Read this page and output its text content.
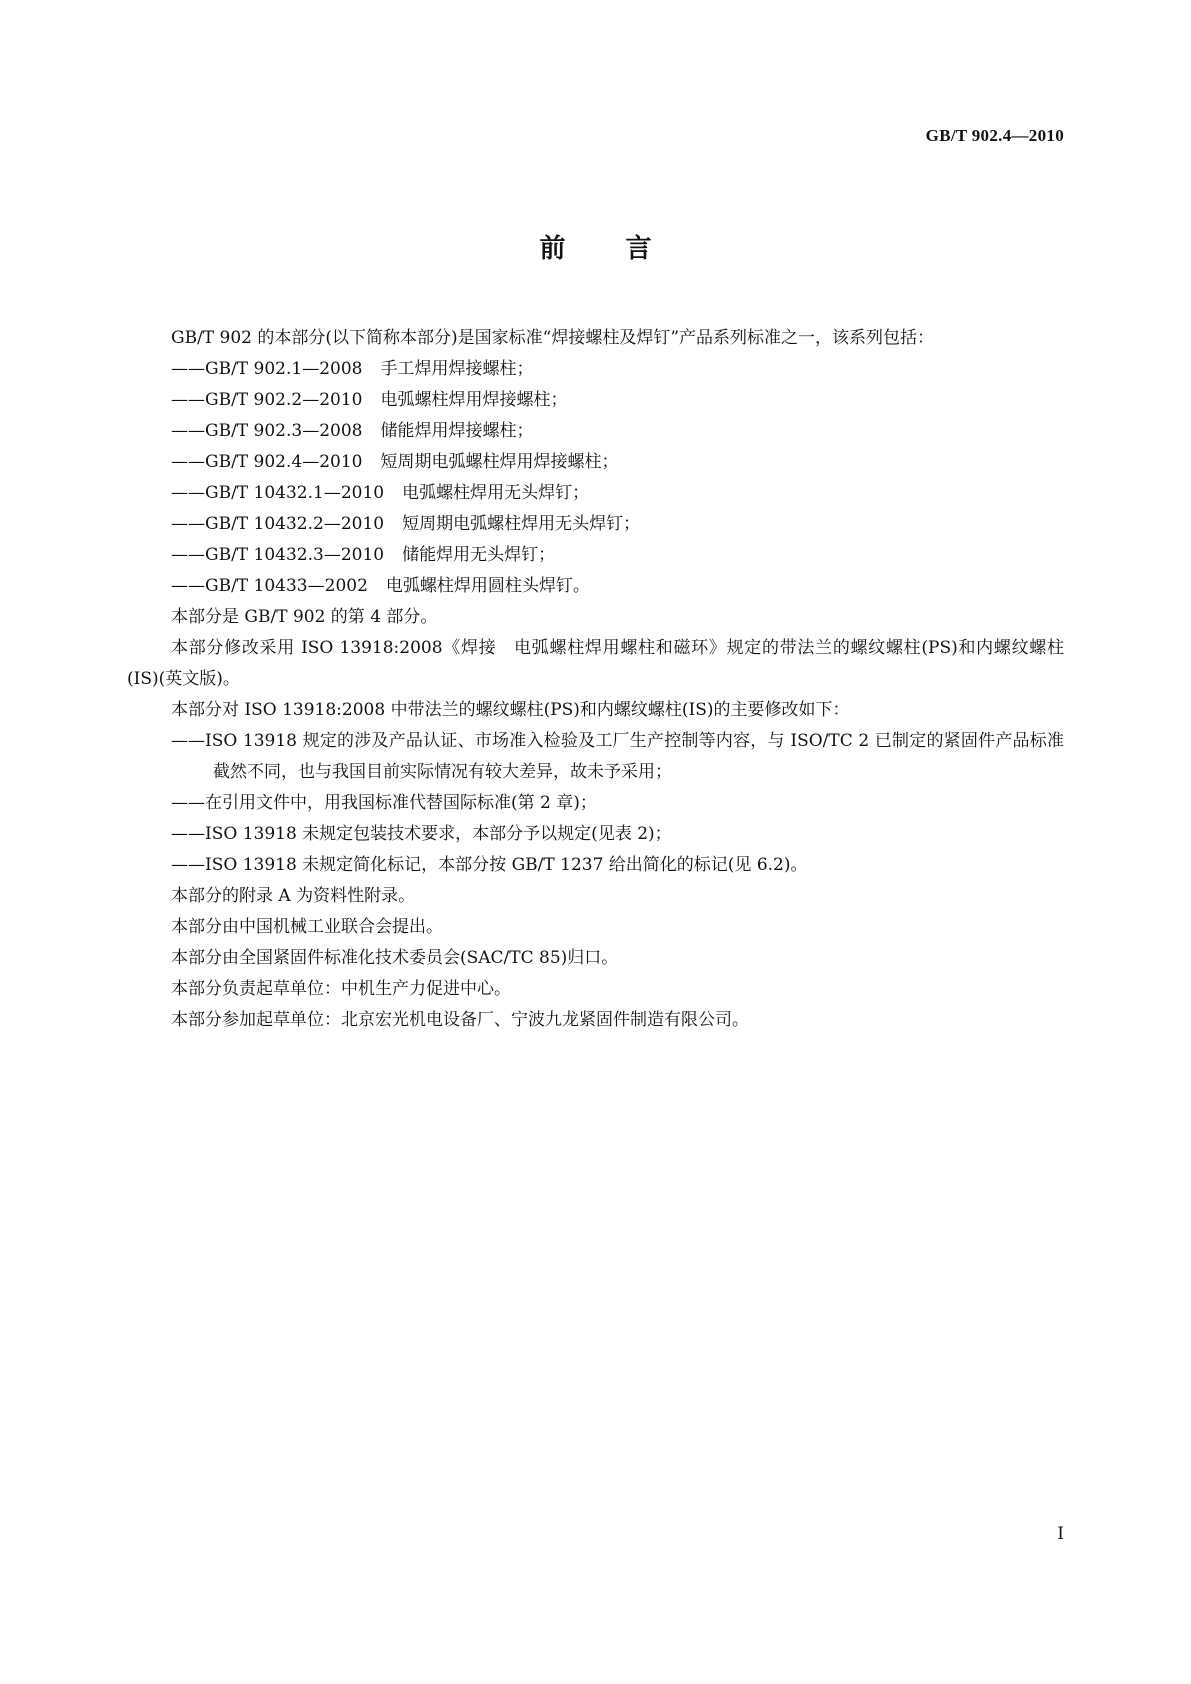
GB/T 902.4—2010
前 言

GB/T 902 的本部分(以下简称本部分)是国家标准“焊接螺柱及焊钉”产品系列标准之一，该系列包括：

——GB/T 902.1—2008 手工焊用焊接螺柱；

——GB/T 902.2—2010 电弧螺柱焊用焊接螺柱；

——GB/T 902.3—2008 储能焊用焊接螺柱；

——GB/T 902.4—2010 短周期电弧螺柱焊用焊接螺柱；

——GB/T 10432.1—2010 电弧螺柱焊用无头焊钉；

——GB/T 10432.2—2010 短周期电弧螺柱焊用无头焊钉；

——GB/T 10432.3—2010 储能焊用无头焊钉；

——GB/T 10433—2002 电弧螺柱焊用圆柱头焊钉。

本部分是 GB/T 902 的第 4 部分。

本部分修改采用 ISO 13918:2008《焊接　电弧螺柱焊用螺柱和磁环》规定的带法兰的螺纹螺柱(PS)和内螺纹螺柱(IS)(英文版)。

本部分对 ISO 13918:2008 中带法兰的螺纹螺柱(PS)和内螺纹螺柱(IS)的主要修改如下：

——ISO 13918 规定的涉及产品认证、市场准入检验及工厂生产控制等内容，与 ISO/TC 2 已制定的紧固件产品标准截然不同，也与我国目前实际情况有较大差异，故未予采用；

——在引用文件中，用我国标准代替国际标准(第 2 章)；

——ISO 13918 未规定包装技术要求，本部分予以规定(见表 2)；

——ISO 13918 未规定简化标记，本部分按 GB/T 1237 给出简化的标记(见 6.2)。

本部分的附录 A 为资料性附录。

本部分由中国机械工业联合会提出。

本部分由全国紧固件标准化技术委员会(SAC/TC 85)归口。

本部分负责起草单位：中机生产力促进中心。

本部分参加起草单位：北京宏光机电设备厂、宁波九龙紧固件制造有限公司。

I
